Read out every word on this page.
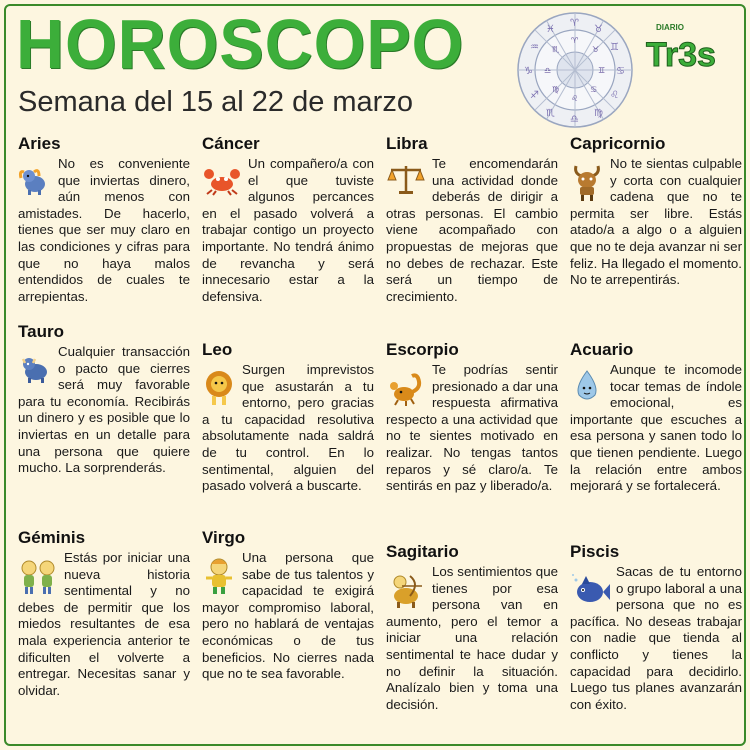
HOROSCOPO
Semana del 15 al 22 de marzo
♈
♉
♊
♋
♌
♍
♎
♏
♐
♑
♒
♓
♈
♉
♊
♋
♌
♍
♎
♏
DIARIO
Tr3s
Aries
No es conveniente que inviertas dinero, aún menos con amistades. De hacerlo, tienes que ser muy claro en las condiciones y cifras para que no haya malos entendidos de cuales te arrepientas.
Tauro
Cualquier transacción o pacto que cierres será muy favorable para tu economía. Recibirás un dinero y es posible que lo inviertas en un detalle para una persona que quiere mucho. La sorprenderás.
Géminis
Estás por iniciar una nueva historia sentimental y no debes de permitir que los miedos resultantes de esa mala experiencia anterior te dificulten el volverte a entregar. Necesitas sanar y olvidar.
Cáncer
Un compañero/a con el que tuviste algunos percances en el pasado volverá a trabajar contigo un proyecto importante. No tendrá ánimo de revancha y será innecesario estar a la defensiva.
Leo
Surgen imprevistos que asustarán a tu entorno, pero gracias a tu capacidad resolutiva absolutamente nada saldrá de tu control. En lo sentimental, alguien del pasado volverá a buscarte.
Virgo
Una persona que sabe de tus talentos y capacidad te exigirá mayor compromiso laboral, pero no hablará de ventajas económicas o de tus beneficios. No cierres nada que no te sea favorable.
Libra
Te encomendarán una actividad donde deberás de dirigir a otras personas. El cambio viene acompañado con propuestas de mejoras que no debes de rechazar. Este será un tiempo de crecimiento.
Escorpio
Te podrías sentir presionado a dar una respuesta afirmativa respecto a una actividad que no te sientes motivado en realizar. No tengas tantos reparos y sé claro/a. Te sentirás en paz y liberado/a.
Sagitario
Los sentimientos que tienes por esa persona van en aumento, pero el temor a iniciar una relación sentimental te hace dudar y no definir la situación. Analízalo bien y toma una decisión.
Capricornio
No te sientas culpable y corta con cualquier cadena que no te permita ser libre. Estás atado/a a algo o a alguien que no te deja avanzar ni ser feliz. Ha llegado el momento. No te arrepentirás.
Acuario
Aunque te incomode tocar temas de índole emocional, es importante que escuches a esa persona y sanen todo lo que tienen pendiente. Luego la relación entre ambos mejorará y se fortalecerá.
Piscis
Sacas de tu entorno o grupo laboral a una persona que no es pacífica. No deseas trabajar con nadie que tienda al conflicto y tienes la capacidad para decidirlo. Luego tus planes avanzarán con éxito.
